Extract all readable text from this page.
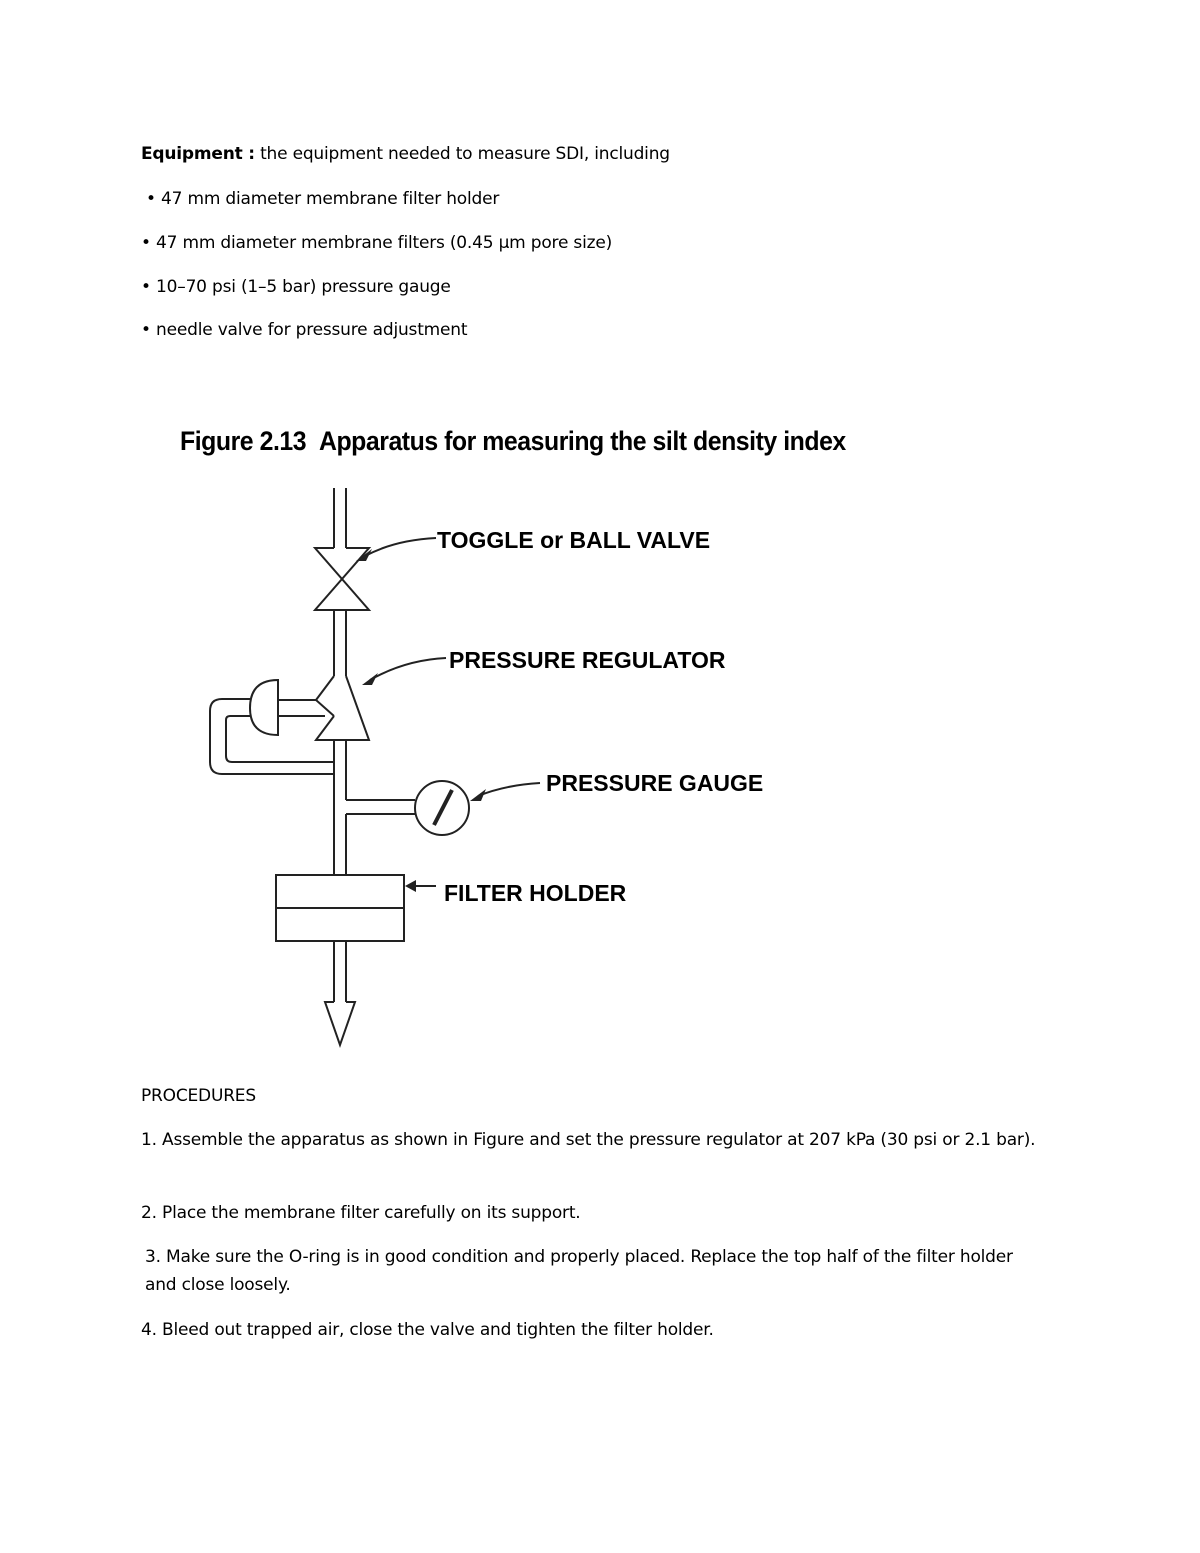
Equipment : the equipment needed to measure SDI, including
• 47 mm diameter membrane filter holder
• 47 mm diameter membrane filters (0.45 µm pore size)
• 10–70 psi (1–5 bar) pressure gauge
• needle valve for pressure adjustment
Figure 2.13 Apparatus for measuring the silt density index
TOGGLE or BALL VALVE
PRESSURE REGULATOR
PRESSURE GAUGE
FILTER HOLDER
PROCEDURES
1. Assemble the apparatus as shown in Figure and set the pressure regulator at 207 kPa (30 psi or 2.1 bar).
2. Place the membrane filter carefully on its support.
3. Make sure the O-ring is in good condition and properly placed. Replace the top half of the filter holder and close loosely.
4. Bleed out trapped air, close the valve and tighten the filter holder.
